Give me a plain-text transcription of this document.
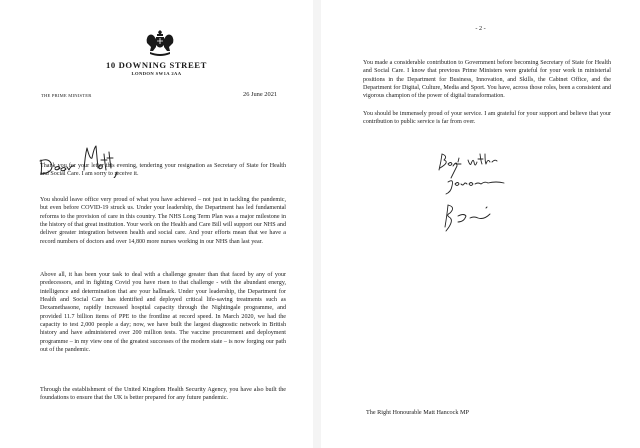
10 DOWNING STREET
LONDON SW1A 2AA
THE PRIME MINISTER	26 June 2021
Thank you for your letter this evening, tendering your resignation as Secretary of State for Health and Social Care. I am sorry to receive it.
You should leave office very proud of what you have achieved – not just in tackling the pandemic, but even before COVID-19 struck us. Under your leadership, the Department has led fundamental reforms to the provision of care in this country. The NHS Long Term Plan was a major milestone in the history of that great institution. Your work on the Health and Care Bill will support our NHS and deliver greater integration between health and social care. And your efforts mean that we have a record numbers of doctors and over 14,800 more nurses working in our NHS than last year.
Above all, it has been your task to deal with a challenge greater than that faced by any of your predecessors, and in fighting Covid you have risen to that challenge - with the abundant energy, intelligence and determination that are your hallmark. Under your leadership, the Department for Health and Social Care has identified and deployed critical life-saving treatments such as Dexamethasone, rapidly increased hospital capacity through the Nightingale programme, and provided 11.7 billion items of PPE to the frontline at record speed. In March 2020, we had the capacity to test 2,000 people a day; now, we have built the largest diagnostic network in British history and have administered over 200 million tests. The vaccine procurement and deployment programme – in my view one of the greatest successes of the modern state – is now forging our path out of the pandemic.
Through the establishment of the United Kingdom Health Security Agency, you have also built the foundations to ensure that the UK is better prepared for any future pandemic.
- 2 -
You made a considerable contribution to Government before becoming Secretary of State for Health and Social Care. I know that previous Prime Ministers were grateful for your work in ministerial positions in the Department for Business, Innovation, and Skills, the Cabinet Office, and the Department for Digital, Culture, Media and Sport. You have, across those roles, been a consistent and vigorous champion of the power of digital transformation.
You should be immensely proud of your service. I am grateful for your support and believe that your contribution to public service is far from over.
The Right Honourable Matt Hancock MP
